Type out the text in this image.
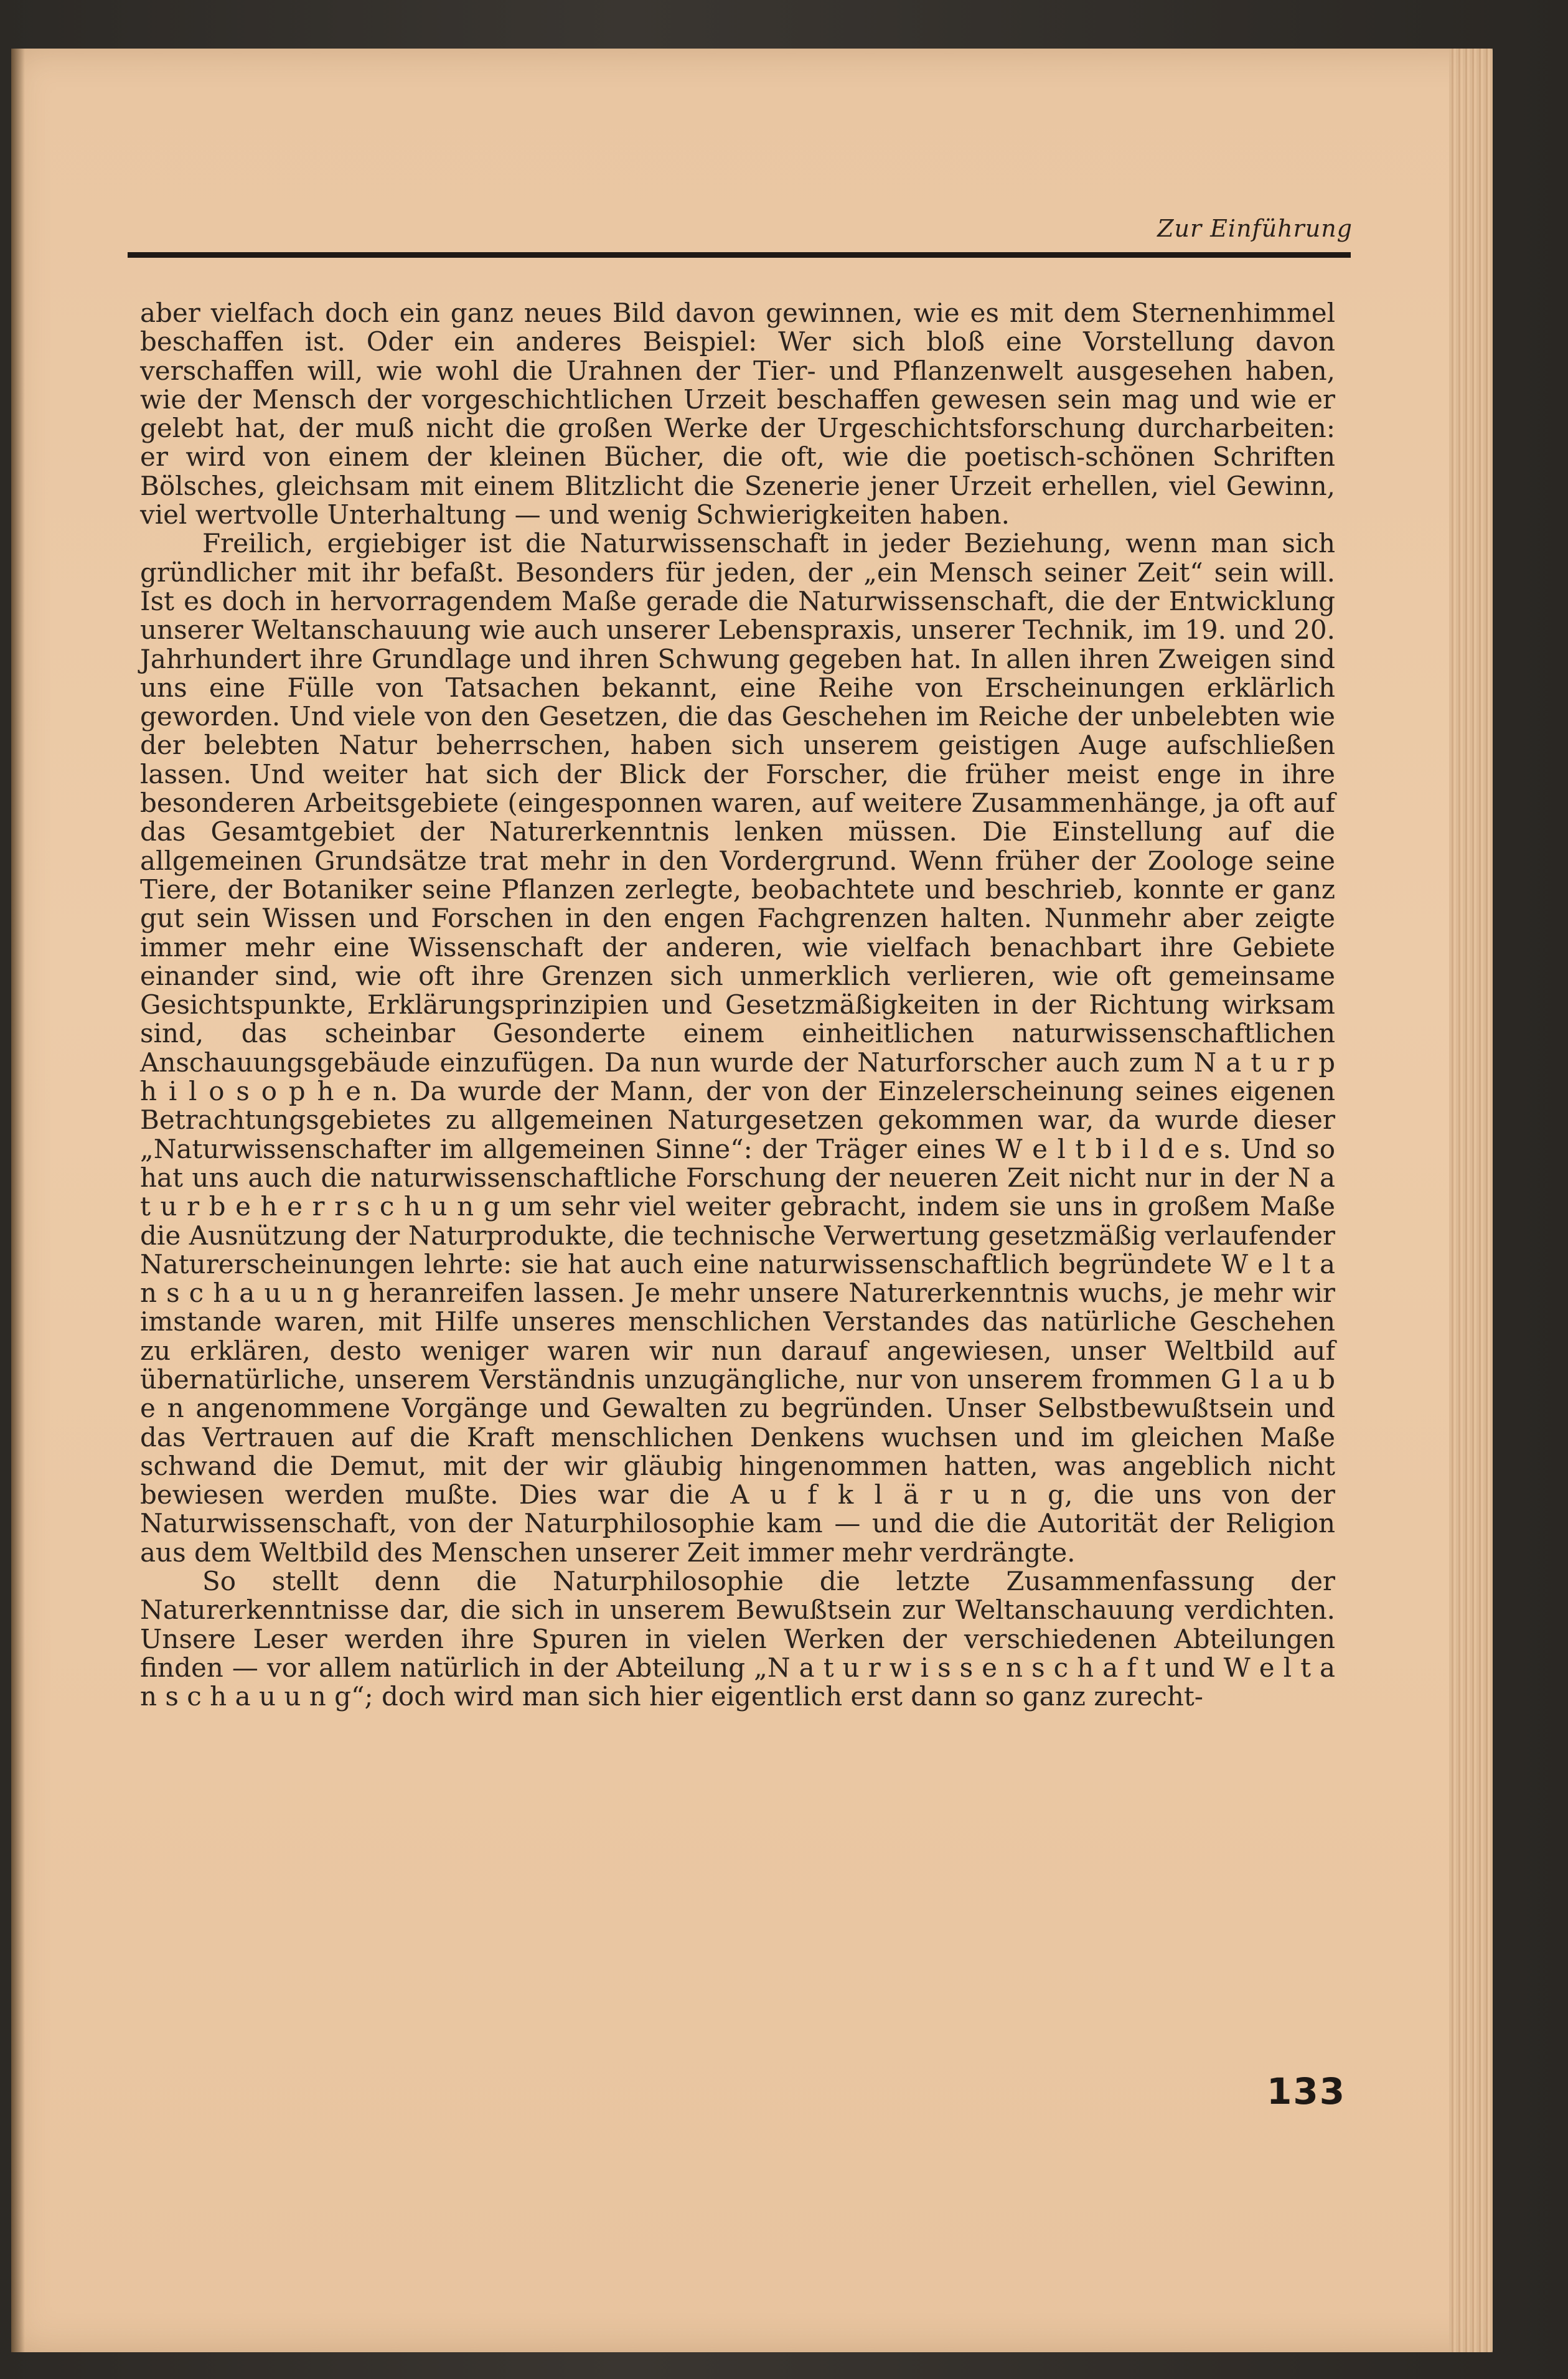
Zur Einführung

aber vielfach doch ein ganz neues Bild davon gewinnen, wie es mit dem Sternenhimmel beschaffen ist. Oder ein anderes Beispiel: Wer sich bloß eine Vorstellung davon verschaffen will, wie wohl die Urahnen der Tier- und Pflanzenwelt ausgesehen haben, wie der Mensch der vorgeschichtlichen Urzeit beschaffen gewesen sein mag und wie er gelebt hat, der muß nicht die großen Werke der Urgeschichtsforschung durcharbeiten: er wird von einem der kleinen Bücher, die oft, wie die poetisch-schönen Schriften Bölsches, gleichsam mit einem Blitzlicht die Szenerie jener Urzeit erhellen, viel Gewinn, viel wertvolle Unterhaltung — und wenig Schwierigkeiten haben.

Freilich, ergiebiger ist die Naturwissenschaft in jeder Beziehung, wenn man sich gründlicher mit ihr befaßt. Besonders für jeden, der „ein Mensch seiner Zeit“ sein will. Ist es doch in hervorragendem Maße gerade die Naturwissenschaft, die der Entwicklung unserer Weltanschauung wie auch unserer Lebenspraxis, unserer Technik, im 19. und 20. Jahrhundert ihre Grundlage und ihren Schwung gegeben hat. In allen ihren Zweigen sind uns eine Fülle von Tatsachen bekannt, eine Reihe von Erscheinungen erklärlich geworden. Und viele von den Gesetzen, die das Geschehen im Reiche der unbelebten wie der belebten Natur beherrschen, haben sich unserem geistigen Auge aufschließen lassen. Und weiter hat sich der Blick der Forscher, die früher meist enge in ihre besonderen Arbeitsgebiete (eingesponnen waren, auf weitere Zusammenhänge, ja oft auf das Gesamtgebiet der Naturerkenntnis lenken müssen. Die Einstellung auf die allgemeinen Grundsätze trat mehr in den Vordergrund. Wenn früher der Zoologe seine Tiere, der Botaniker seine Pflanzen zerlegte, beobachtete und beschrieb, konnte er ganz gut sein Wissen und Forschen in den engen Fachgrenzen halten. Nunmehr aber zeigte immer mehr eine Wissenschaft der anderen, wie vielfach benachbart ihre Gebiete einander sind, wie oft ihre Grenzen sich unmerklich verlieren, wie oft gemeinsame Gesichtspunkte, Erklärungsprinzipien und Gesetzmäßigkeiten in der Richtung wirksam sind, das scheinbar Gesonderte einem einheitlichen naturwissenschaftlichen Anschauungsgebäude einzufügen. Da nun wurde der Naturforscher auch zum N a t u r p h i l o s o p h e n. Da wurde der Mann, der von der Einzelerscheinung seines eigenen Betrachtungsgebietes zu allgemeinen Naturgesetzen gekommen war, da wurde dieser „Naturwissenschafter im allgemeinen Sinne“: der Träger eines W e l t b i l d e s. Und so hat uns auch die naturwissenschaftliche Forschung der neueren Zeit nicht nur in der N a t u r b e h e r r s c h u n g um sehr viel weiter gebracht, indem sie uns in großem Maße die Ausnützung der Naturprodukte, die technische Verwertung gesetzmäßig verlaufender Naturerscheinungen lehrte: sie hat auch eine naturwissenschaftlich begründete W e l t a n s c h a u u n g heranreifen lassen. Je mehr unsere Naturerkenntnis wuchs, je mehr wir imstande waren, mit Hilfe unseres menschlichen Verstandes das natürliche Geschehen zu erklären, desto weniger waren wir nun darauf angewiesen, unser Weltbild auf übernatürliche, unserem Verständnis unzugängliche, nur von unserem frommen G l a u b e n angenommene Vorgänge und Gewalten zu begründen. Unser Selbstbewußtsein und das Vertrauen auf die Kraft menschlichen Denkens wuchsen und im gleichen Maße schwand die Demut, mit der wir gläubig hingenommen hatten, was angeblich nicht bewiesen werden mußte. Dies war die A u f k l ä r u n g, die uns von der Naturwissenschaft, von der Naturphilosophie kam — und die die Autorität der Religion aus dem Weltbild des Menschen unserer Zeit immer mehr verdrängte.

So stellt denn die Naturphilosophie die letzte Zusammenfassung der Naturerkenntnisse dar, die sich in unserem Bewußtsein zur Weltanschauung verdichten. Unsere Leser werden ihre Spuren in vielen Werken der verschiedenen Abteilungen finden — vor allem natürlich in der Abteilung „N a t u r w i s s e n s c h a f t und W e l t a n s c h a u u n g“; doch wird man sich hier eigentlich erst dann so ganz zurecht-

133
